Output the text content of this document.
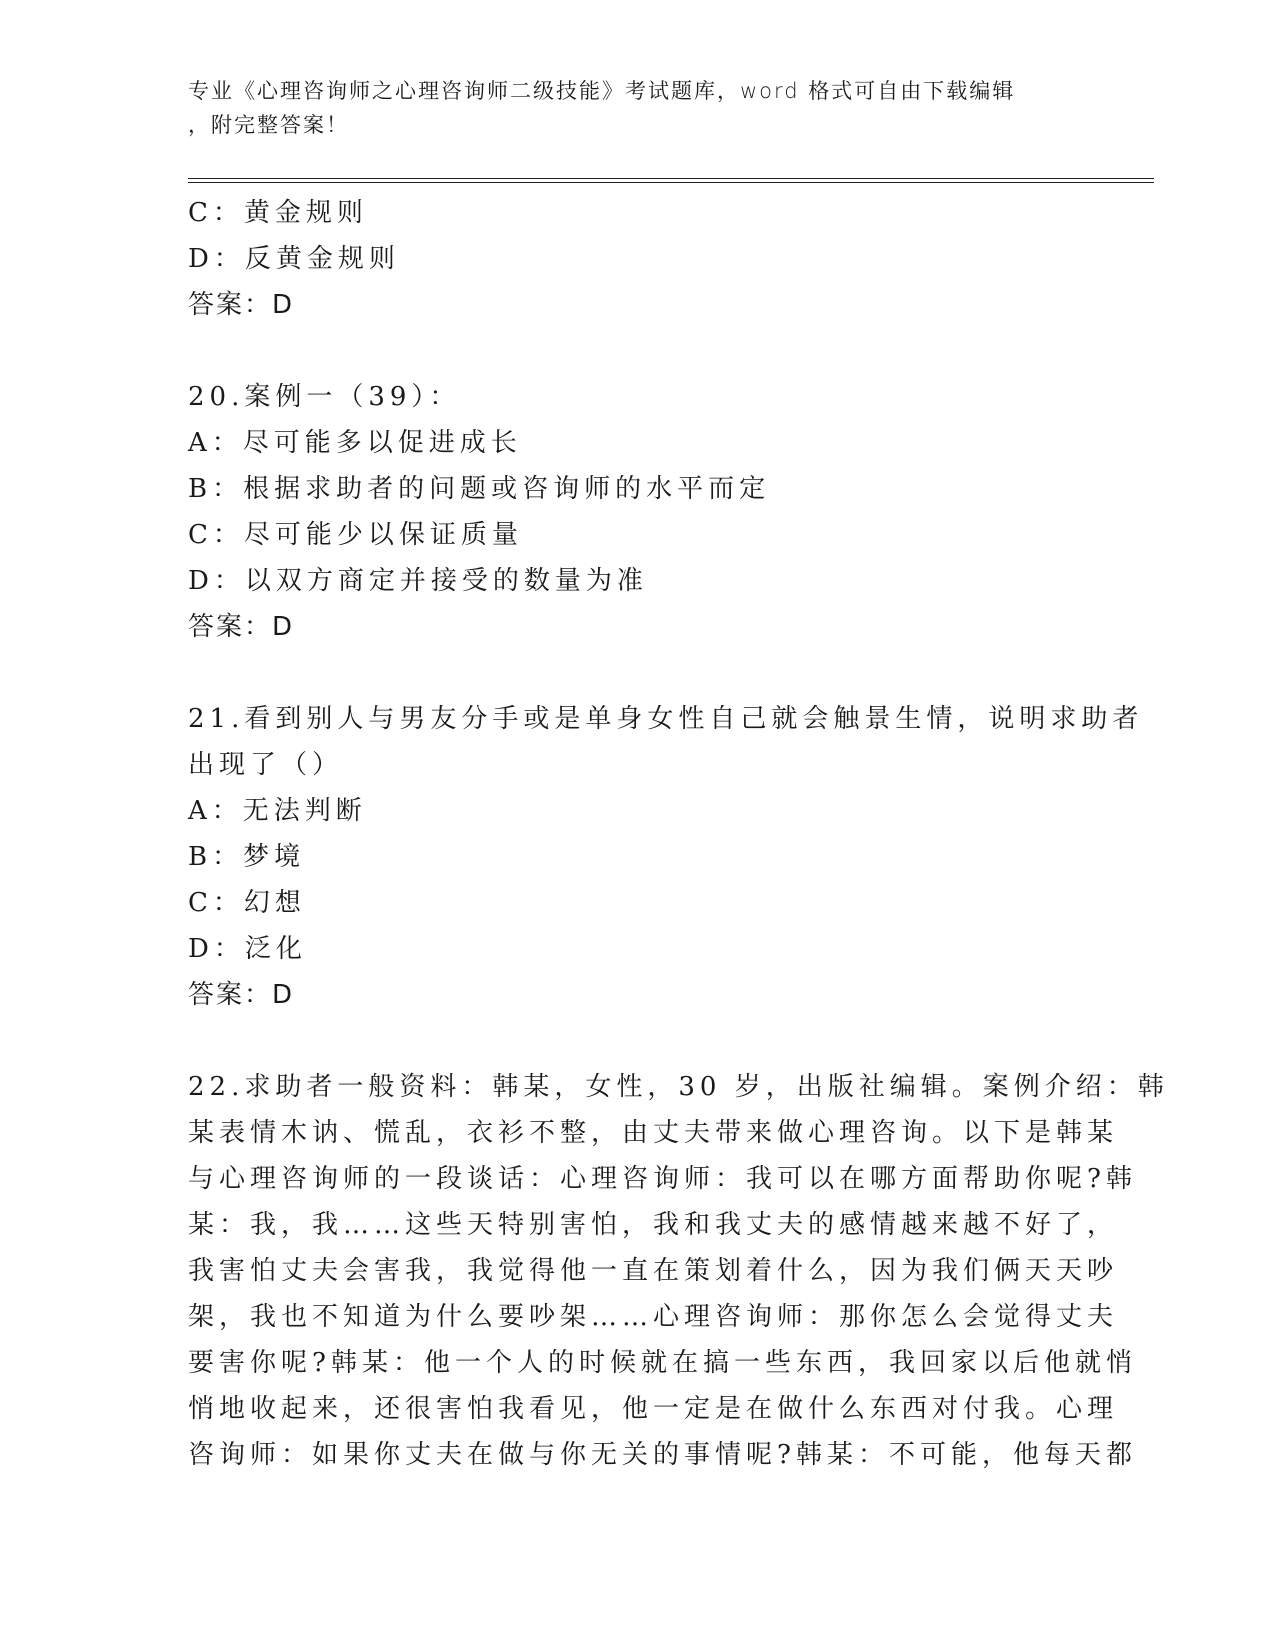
专业《心理咨询师之心理咨询师二级技能》考试题库，word 格式可自由下载编辑
，附完整答案！
C：黄金规则
D：反黄金规则
答案：D
20.案例一（39）：
A：尽可能多以促进成长
B：根据求助者的问题或咨询师的水平而定
C：尽可能少以保证质量
D：以双方商定并接受的数量为准
答案：D
21.看到别人与男友分手或是单身女性自己就会触景生情，说明求助者
出现了（）
A：无法判断
B：梦境
C：幻想
D：泛化
答案：D
22.求助者一般资料：韩某，女性，30 岁，出版社编辑。案例介绍：韩
某表情木讷、慌乱，衣衫不整，由丈夫带来做心理咨询。以下是韩某
与心理咨询师的一段谈话：心理咨询师：我可以在哪方面帮助你呢?韩
某：我，我……这些天特别害怕，我和我丈夫的感情越来越不好了，
我害怕丈夫会害我，我觉得他一直在策划着什么，因为我们俩天天吵
架，我也不知道为什么要吵架……心理咨询师：那你怎么会觉得丈夫
要害你呢?韩某：他一个人的时候就在搞一些东西，我回家以后他就悄
悄地收起来，还很害怕我看见，他一定是在做什么东西对付我。心理
咨询师：如果你丈夫在做与你无关的事情呢?韩某：不可能，他每天都
